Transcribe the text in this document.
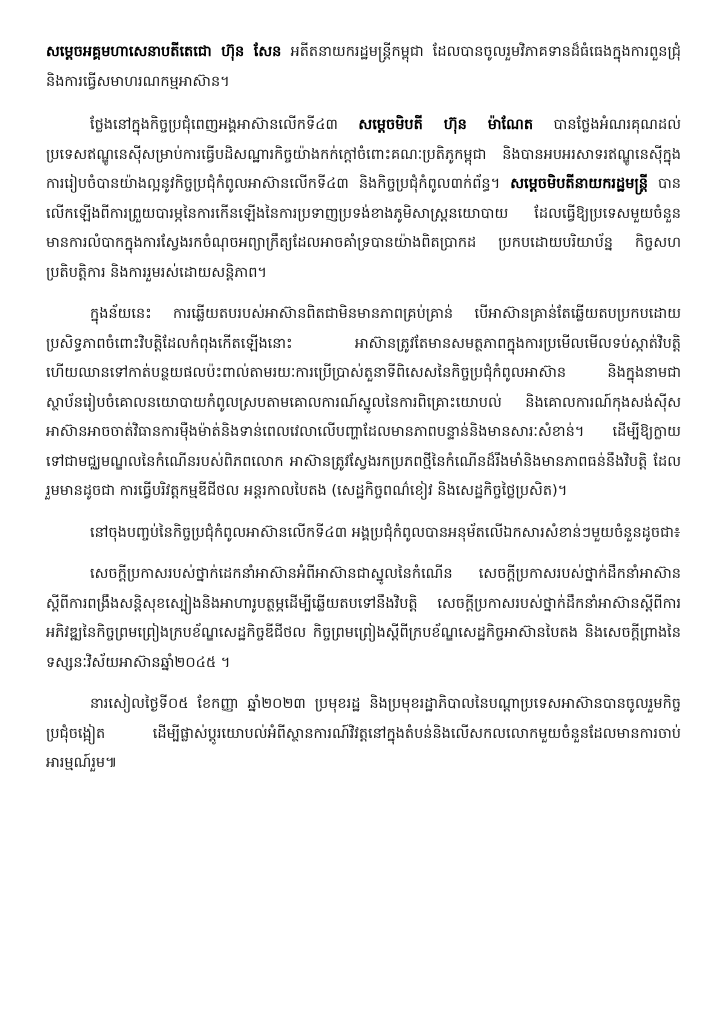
សម្ដេចអគ្គមហាសេនាបតីតេជោ ហ៊ុន សែន អតីតនាយករដ្ឋមន្ត្រីកម្ពុជា ដែលបានចូលរួមវិភាគទានដ៏ធំធេងក្នុងការពួនជ្រុំនិងការធ្វើសមាហរណកម្មអាស៊ាន។

ថ្លែងនៅក្នុងកិច្ចប្រជុំពេញអង្គអាស៊ានលើកទី៤៣ សម្ដេចមិបតី ហ៊ុន ម៉ាណែត បានថ្លែងអំណរគុណដល់ប្រទេសឥណ្ឌូនេស៊ីសម្រាប់ការធ្វើបដិសណ្ឋារកិច្ចយ៉ាងកក់ក្ដៅចំពោះគណៈប្រតិភូកម្ពុជា និងបានអបអរសាទរឥណ្ឌូនេស៊ីក្នុងការរៀបចំបានយ៉ាងល្អនូវកិច្ចប្រជុំកំពូលអាស៊ានលើកទី៤៣ និងកិច្ចប្រជុំកំពូល៣ក់ព័ន្ធ។ សម្ដេចមិបតីនាយករដ្ឋមន្ត្រី បានលើកឡើងពីការព្រួយបារម្ភនៃការកើនឡើងនៃការប្រទាញប្រទង់ខាងភូមិសាស្ត្រនយោបាយ ដែលធ្វើឱ្យប្រទេសមួយចំនួនមានការលំបាកក្នុងការស្វែងរកចំណុចអព្យាក្រឹត្យដែលអាចគាំទ្របានយ៉ាងពិតប្រាកដ ប្រកបដោយបរិយាប័ន្ន កិច្ចសហប្រតិបត្តិការ និងការរួមរស់ដោយសន្តិភាព។

ក្នុងន័យនេះ ការឆ្លើយតបរបស់អាស៊ានពិតជាមិនមានភាពគ្រប់គ្រាន់ បើអាស៊ានគ្រាន់តែឆ្លើយតបប្រកបដោយប្រសិទ្ធភាពចំពោះវិបត្តិដែលកំពុងកើតឡើងនោះ អាស៊ានត្រូវតែមានសមត្ថភាពក្នុងការប្រមើលមើលទប់ស្កាត់វិបត្តិ ហើយឈានទៅកាត់បន្ថយផលប៉ះពាល់តាមរយៈការប្រើប្រាស់តួនាទីពិសេសនៃកិច្ចប្រជុំកំពូលអាស៊ាន និងក្នុងនាមជាស្ថាប័នរៀបចំគោលនយោបាយកំពូលស្របតាមគោលការណ៍ស្នូលនៃការពិគ្រោះយោបល់ និងគោលការណ៍កុងសង់ស៊ីស អាស៊ានអាចចាត់វិធានការម៉ឺងម៉ាត់និងទាន់ពេលវេលាលើបញ្ហាដែលមានភាពបន្ទាន់និងមានសារៈសំខាន់។ ដើម្បីឱ្យក្លាយទៅជាមជ្ឈមណ្ឌលនៃកំណើនរបស់ពិភពលោក អាស៊ានត្រូវស្វែងរកប្រភពថ្មីនៃកំណើនដ៏រឹងមាំនិងមានភាពធន់នឹងវិបត្តិ ដែលរួមមានដូចជា ការធ្វើបរិវត្តកម្មឌីជីថល អន្តរកាលបៃតង (សេដ្ឋកិច្ចពណ៌ខៀវ និងសេដ្ឋកិច្ចថ្លៃប្រសិត)។

នៅចុងបញ្ចប់នៃកិច្ចប្រជុំកំពូលអាស៊ានលើកទី៤៣ អង្គប្រជុំកំពូលបានអនុម័តលើឯកសារសំខាន់ៗមួយចំនួនដូចជា៖

សេចក្តីប្រកាសរបស់ថ្នាក់ដេកនាំអាស៊ានអំពីអាស៊ានជាស្នូលនៃកំណើន សេចក្តីប្រកាសរបស់ថ្នាក់ដឹកនាំអាស៊ានស្តីពីការពង្រឹងសន្តិសុខស្បៀងនិងអាហារូបត្ថម្ភដើម្បីឆ្លើយតបទៅនឹងវិបត្តិ សេចក្តីប្រកាសរបស់ថ្នាក់ដឹកនាំអាស៊ានស្តីពីការអភិវឌ្ឍនៃកិច្ចព្រមព្រៀងក្របខ័ណ្ឌសេដ្ឋកិច្ចឌីជីថល កិច្ចព្រមព្រៀងស្តីពីក្របខ័ណ្ឌសេដ្ឋកិច្ចអាស៊ានបៃតង និងសេចក្តីព្រាងនៃទស្សនៈវិស័យអាស៊ានឆ្នាំ២០៤៥ ។

នារសៀលថ្ងៃទី០៥ ខែកញ្ញា ឆ្នាំ២០២៣ ប្រមុខរដ្ឋ និងប្រមុខរដ្ឋាភិបាលនៃបណ្ដាប្រទេសអាស៊ានបានចូលរួមកិច្ចប្រជុំចង្អៀត ដើម្បីផ្លាស់ប្តូរយោបល់អំពីស្ថានការណ៍វិវត្តនៅក្នុងតំបន់និងលើសកលលោកមួយចំនួនដែលមានការចាប់អារម្មណ៍រួម៕
